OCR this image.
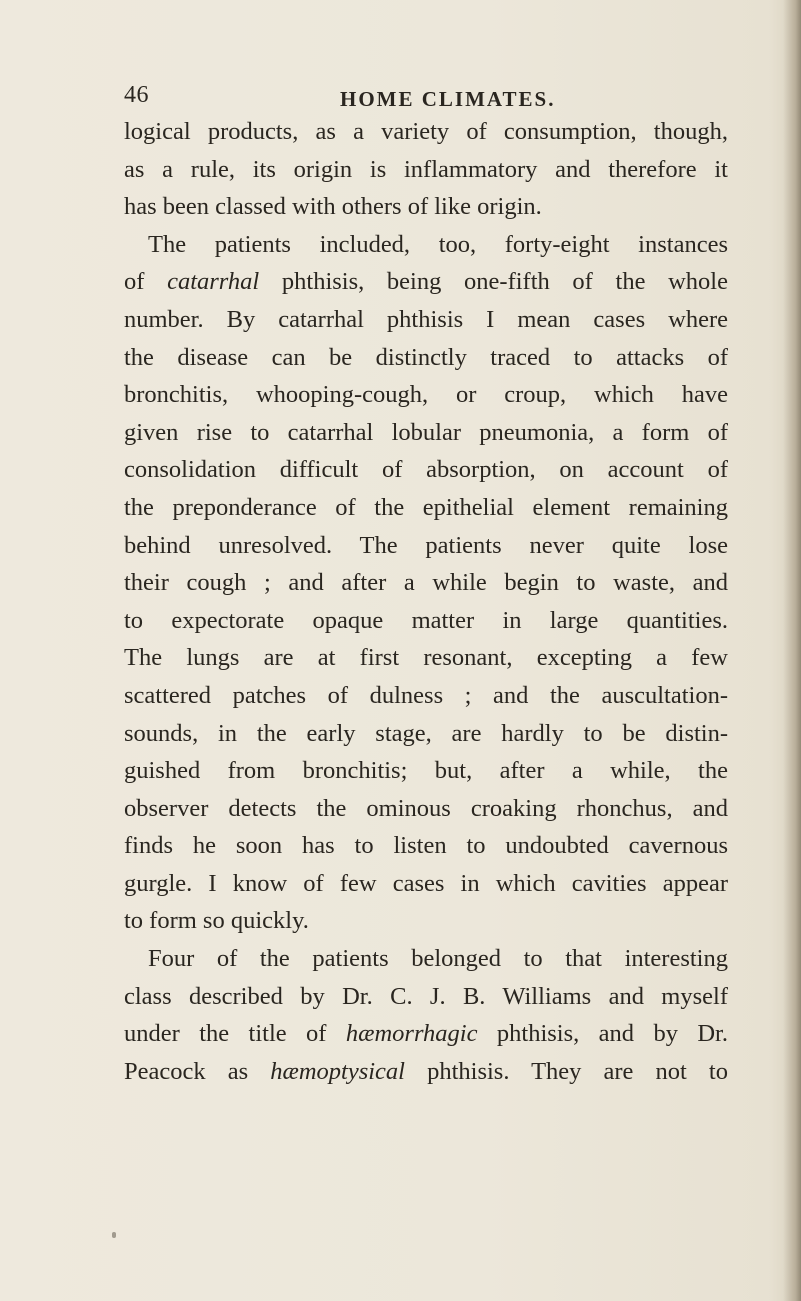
46	HOME CLIMATES.
logical products, as a variety of consumption, though,
as a rule, its origin is inflammatory and therefore it
has been classed with others of like origin.
The patients included, too, forty-eight instances
of catarrhal phthisis, being one-fifth of the whole
number. By catarrhal phthisis I mean cases where
the disease can be distinctly traced to attacks of
bronchitis, whooping-cough, or croup, which have
given rise to catarrhal lobular pneumonia, a form of
consolidation difficult of absorption, on account of
the preponderance of the epithelial element remaining
behind unresolved. The patients never quite lose
their cough ; and after a while begin to waste, and
to expectorate opaque matter in large quantities.
The lungs are at first resonant, excepting a few
scattered patches of dulness ; and the auscultation-
sounds, in the early stage, are hardly to be distin-
guished from bronchitis; but, after a while, the
observer detects the ominous croaking rhonchus, and
finds he soon has to listen to undoubted cavernous
gurgle. I know of few cases in which cavities appear
to form so quickly.
Four of the patients belonged to that interesting
class described by Dr. C. J. B. Williams and myself
under the title of hæmorrhagic phthisis, and by Dr.
Peacock as hæmoptysical phthisis. They are not to
